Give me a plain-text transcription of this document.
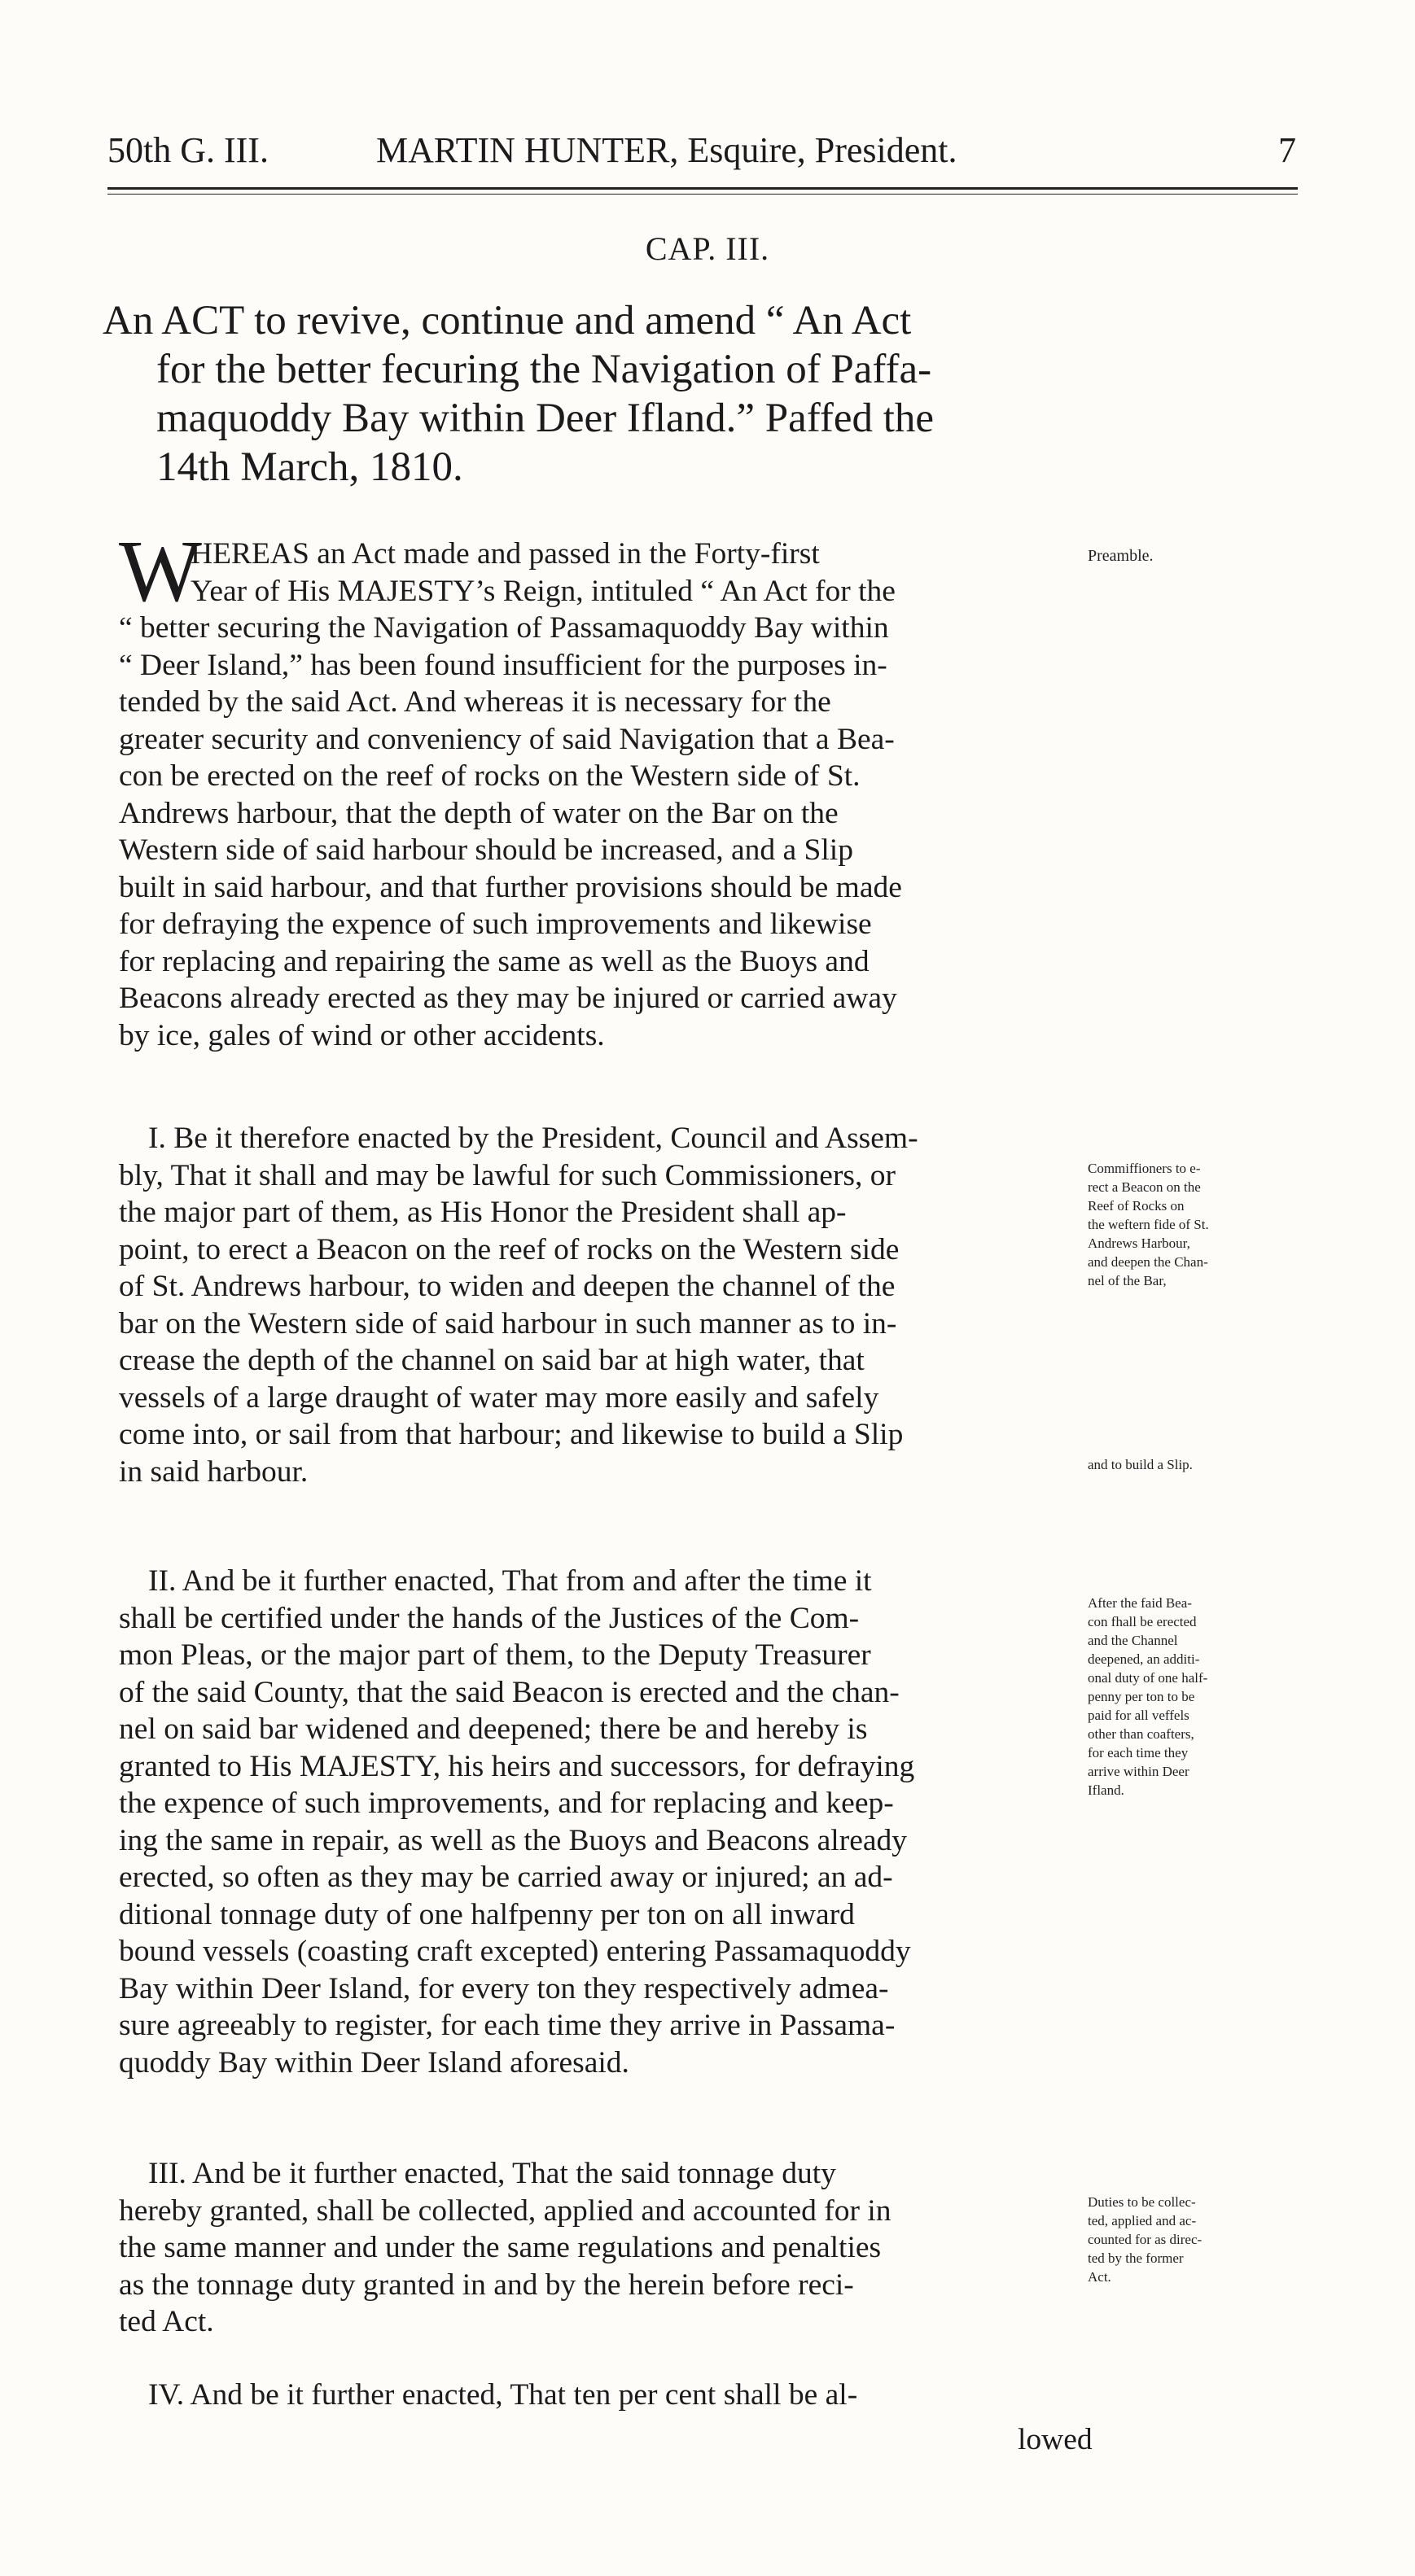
50th G. III.	MARTIN HUNTER, Esquire, President.	7
CAP. III.
An ACT to revive, continue and amend “ An Act
for the better fecuring the Navigation of Paffa-
maquoddy Bay within Deer Ifland.” Paffed the
14th March, 1810.
W
HEREAS an Act made and passed in the Forty-first
Year of His MAJESTY’s Reign, intituled “ An Act for the
“ better securing the Navigation of Passamaquoddy Bay within
“ Deer Island,” has been found insufficient for the purposes in-
tended by the said Act. And whereas it is necessary for the
greater security and conveniency of said Navigation that a Bea-
con be erected on the reef of rocks on the Western side of St.
Andrews harbour, that the depth of water on the Bar on the
Western side of said harbour should be increased, and a Slip
built in said harbour, and that further provisions should be made
for defraying the expence of such improvements and likewise
for replacing and repairing the same as well as the Buoys and
Beacons already erected as they may be injured or carried away
by ice, gales of wind or other accidents.
Preamble.
I. Be it therefore enacted by the President, Council and Assem-
bly, That it shall and may be lawful for such Commissioners, or
the major part of them, as His Honor the President shall ap-
point, to erect a Beacon on the reef of rocks on the Western side
of St. Andrews harbour, to widen and deepen the channel of the
bar on the Western side of said harbour in such manner as to in-
crease the depth of the channel on said bar at high water, that
vessels of a large draught of water may more easily and safely
come into, or sail from that harbour; and likewise to build a Slip
in said harbour.
Commiffioners to e-
rect a Beacon on the
Reef of Rocks on
the weftern fide of St.
Andrews Harbour,
and deepen the Chan-
nel of the Bar,
and to build a Slip.
II. And be it further enacted, That from and after the time it
shall be certified under the hands of the Justices of the Com-
mon Pleas, or the major part of them, to the Deputy Treasurer
of the said County, that the said Beacon is erected and the chan-
nel on said bar widened and deepened; there be and hereby is
granted to His MAJESTY, his heirs and successors, for defraying
the expence of such improvements, and for replacing and keep-
ing the same in repair, as well as the Buoys and Beacons already
erected, so often as they may be carried away or injured; an ad-
ditional tonnage duty of one halfpenny per ton on all inward
bound vessels (coasting craft excepted) entering Passamaquoddy
Bay within Deer Island, for every ton they respectively admea-
sure agreeably to register, for each time they arrive in Passama-
quoddy Bay within Deer Island aforesaid.
After the faid Bea-
con fhall be erected
and the Channel
deepened, an additi-
onal duty of one half-
penny per ton to be
paid for all veffels
other than coafters,
for each time they
arrive within Deer
Ifland.
III. And be it further enacted, That the said tonnage duty
hereby granted, shall be collected, applied and accounted for in
the same manner and under the same regulations and penalties
as the tonnage duty granted in and by the herein before reci-
ted Act.
Duties to be collec-
ted, applied and ac-
counted for as direc-
ted by the former
Act.
IV. And be it further enacted, That ten per cent shall be al-
lowed
